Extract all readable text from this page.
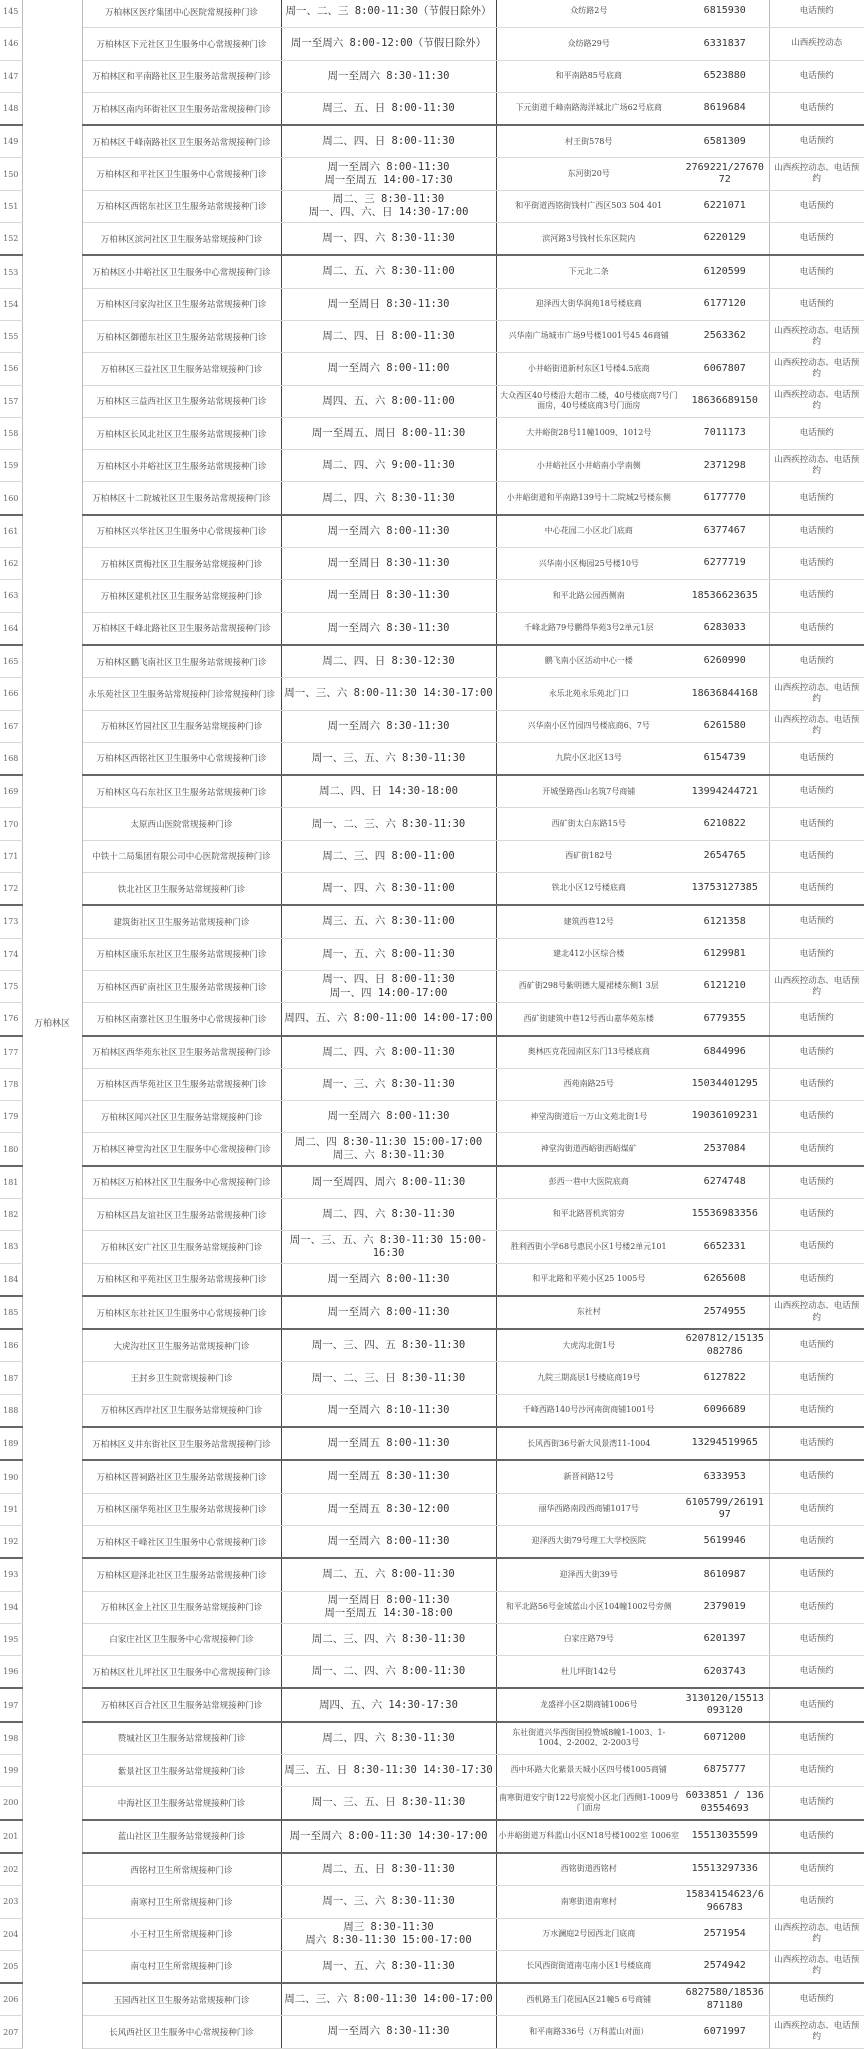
145	万柏林区	万柏林区医疗集团中心医院常规接种门诊	周一、二、三 8:00-11:30（节假日除外）	众纺路2号	6815930	电话预约
146		万柏林区下元社区卫生服务中心常规接种门诊	周一至周六 8:00-12:00（节假日除外）	众纺路29号	6331837	山西疾控动态
147		万柏林区和平南路社区卫生服务站常规接种门诊	周一至周六 8:30-11:30	和平南路85号底商	6523880	电话预约
148		万柏林区南内环街社区卫生服务站常规接种门诊	周三、五、日 8:00-11:30	下元街道千峰南路海洋城北广场62号底商	8619684	电话预约
149		万柏林区千峰南路社区卫生服务站常规接种门诊	周二、四、日 8:00-11:30	村王街578号	6581309	电话预约
150		万柏林区和平社区卫生服务中心常规接种门诊	周一至周六 8:00-11:30
周一至周五 14:00-17:30	东河街20号	2769221/2767072	山西疾控动态、电话预约
151		万柏林区西铭东社区卫生服务站常规接种门诊	周二、三 8:30-11:30
周一、四、六、日 14:30-17:00	和平街道西铭街钱村广西区503 504 401	6221071	电话预约
152		万柏林区滨河社区卫生服务站常规接种门诊	周一、四、六 8:30-11:30	滨河路3号钱村长东区院内	6220129	电话预约
153		万柏林区小井峪社区卫生服务中心常规接种门诊	周二、五、六 8:30-11:00	下元北二条	6120599	电话预约
154		万柏林区闫家沟社区卫生服务站常规接种门诊	周一至周日 8:30-11:30	迎泽西大街华润苑18号楼底商	6177120	电话预约
155		万柏林区御德东社区卫生服务站常规接种门诊	周二、四、日 8:00-11:30	兴华南广场城市广场9号楼1001号45 46商铺	2563362	山西疾控动态、电话预约
156		万柏林区三益社区卫生服务站常规接种门诊	周一至周六 8:00-11:00	小井峪街道新村东区1号楼4.5底商	6067807	山西疾控动态、电话预约
157		万柏林区三益西社区卫生服务站常规接种门诊	周四、五、六 8:00-11:00	大众西区40号楼沿大超市二楼，40号楼底商7号门面房，40号楼底商3号门面房	18636689150	山西疾控动态、电话预约
158		万柏林区长风北社区卫生服务站常规接种门诊	周一至周五、周日 8:00-11:30	大井峪街28号11幢1009、1012号	7011173	电话预约
159		万柏林区小井峪社区卫生服务站常规接种门诊	周二、四、六 9:00-11:30	小井峪社区小井峪南小学南侧	2371298	山西疾控动态、电话预约
160		万柏林区十二院城社区卫生服务站常规接种门诊	周二、四、六 8:30-11:30	小井峪街道和平南路139号十二院城2号楼东侧	6177770	电话预约
161		万柏林区兴华社区卫生服务中心常规接种门诊	周一至周六 8:00-11:30	中心花园二小区北门底商	6377467	电话预约
162		万柏林区贾梅社区卫生服务站常规接种门诊	周一至周日 8:30-11:30	兴华南小区梅园25号楼10号	6277719	电话预约
163		万柏林区建机社区卫生服务站常规接种门诊	周一至周日 8:30-11:30	和平北路公园西侧南	18536623635	电话预约
164		万柏林区千峰北路社区卫生服务站常规接种门诊	周一至周六 8:30-11:30	千峰北路79号鹏得华苑3号2单元1层	6283033	电话预约
165		万柏林区鹏飞南社区卫生服务站常规接种门诊	周二、四、日 8:30-12:30	鹏飞南小区活动中心一楼	6260990	电话预约
166		永乐苑社区卫生服务站常规接种门诊常规接种门诊	周一、三、六 8:00-11:30 14:30-17:00	永乐北苑永乐苑北门口	18636844168	山西疾控动态、电话预约
167		万柏林区竹园社区卫生服务站常规接种门诊	周一至周六 8:30-11:30	兴华南小区竹园四号楼底商6、7号	6261580	山西疾控动态、电话预约
168		万柏林区西铭社区卫生服务中心常规接种门诊	周一、三、五、六 8:30-11:30	九院小区北区13号	6154739	电话预约
169		万柏林区乌石东社区卫生服务站常规接种门诊	周二、四、日 14:30-18:00	开城堡路西山名筑7号商铺	13994244721	电话预约
170		太原西山医院常规接种门诊	周一、二、三、六 8:30-11:30	西矿街太白东路15号	6210822	电话预约
171		中铁十二局集团有限公司中心医院常规接种门诊	周二、三、四 8:00-11:00	西矿街182号	2654765	电话预约
172		铁北社区卫生服务站常规接种门诊	周一、四、六 8:30-11:00	铁北小区12号楼底商	13753127385	电话预约
173		建筑街社区卫生服务站常规接种门诊	周三、五、六 8:30-11:00	建筑西巷12号	6121358	电话预约
174		万柏林区康乐东社区卫生服务站常规接种门诊	周一、五、六 8:00-11:30	建北412小区综合楼	6129981	电话预约
175		万柏林区西矿南社区卫生服务站常规接种门诊	周一、四、日 8:00-11:30
周一、四 14:00-17:00	西矿街298号紫明德大厦裙楼东侧1 3层	6121210	山西疾控动态、电话预约
176		万柏林区南寨社区卫生服务中心常规接种门诊	周四、五、六 8:00-11:00 14:00-17:00	西矿街建筑中巷12号西山嘉华苑东楼	6779355	电话预约
177		万柏林区西华苑东社区卫生服务站常规接种门诊	周二、四、六 8:00-11:30	奥林匹克花园南区东门13号楼底商	6844996	电话预约
178		万柏林区西华苑社区卫生服务站常规接种门诊	周一、三、六 8:30-11:30	西苑南路25号	15034401295	电话预约
179		万柏林区闻兴社区卫生服务站常规接种门诊	周一至周六 8:00-11:30	神堂沟街道后一万山文苑北街1号	19036109231	电话预约
180		万柏林区神堂沟社区卫生服务中心常规接种门诊	周二、四 8:30-11:30 15:00-17:00
周三、六 8:30-11:30	神堂沟街道西峪街西峪煤矿	2537084	电话预约
181		万柏林区万柏林社区卫生服务中心常规接种门诊	周一至周四、周六 8:00-11:30	彭西一巷中大医院底商	6274748	电话预约
182		万柏林区昌友谊社区卫生服务站常规接种门诊	周二、四、六 8:30-11:30	和平北路晋机宾馆旁	15536983356	电话预约
183		万柏林区安广社区卫生服务站常规接种门诊	周一、三、五、六 8:30-11:30 15:00-16:30	胜利西街小学68号惠民小区1号楼2单元101	6652331	电话预约
184		万柏林区和平苑社区卫生服务站常规接种门诊	周一至周六 8:00-11:30	和平北路和平苑小区25 1005号	6265608	电话预约
185		万柏林区东社社区卫生服务中心常规接种门诊	周一至周六 8:00-11:30	东社村	2574955	山西疾控动态、电话预约
186		大虎沟社区卫生服务站常规接种门诊	周一、三、四、五 8:30-11:30	大虎沟北街1号	6207812/15135082786	电话预约
187		王封乡卫生院常规接种门诊	周一、二、三、日 8:30-11:30	九院三期高层1号楼底商19号	6127822	电话预约
188		万柏林区西岸社区卫生服务站常规接种门诊	周一至周六 8:10-11:30	千峰西路140号沙河南街商铺1001号	6096689	电话预约
189		万柏林区义井东街社区卫生服务站常规接种门诊	周一至周五 8:00-11:30	长风西街36号新大风景湾11-1004	13294519965	电话预约
190		万柏林区晋祠路社区卫生服务站常规接种门诊	周一至周五 8:30-11:30	新晋祠路12号	6333953	电话预约
191		万柏林区丽华苑社区卫生服务站常规接种门诊	周一至周五 8:30-12:00	丽华西路南段西商铺1017号	6105799/2619197	电话预约
192		万柏林区千峰社区卫生服务中心常规接种门诊	周一至周六 8:00-11:30	迎泽西大街79号理工大学校医院	5619946	电话预约
193		万柏林区迎泽北社区卫生服务站常规接种门诊	周二、五、六 8:00-11:30	迎泽西大街39号	8610987	电话预约
194		万柏林区金上社区卫生服务站常规接种门诊	周一至周日 8:00-11:30
周一至周五 14:30-18:00	和平北路56号金域蓝山小区104幢1002号旁侧	2379019	电话预约
195		白家庄社区卫生服务中心常规接种门诊	周二、三、四、六 8:30-11:30	白家庄路79号	6201397	电话预约
196		万柏林区杜儿坪社区卫生服务中心常规接种门诊	周一、二、四、六 8:00-11:30	杜儿坪街142号	6203743	电话预约
197		万柏林区百合社区卫生服务站常规接种门诊	周四、五、六 14:30-17:30	龙盛祥小区2期商铺1006号	3130120/15513093120	电话预约
198		赞城社区卫生服务站常规接种门诊	周二、四、六 8:30-11:30	东社街道兴华西街国投赞城8幢1-1003、1-1004、2-2002、2-2003号	6071200	电话预约
199		紫景社区卫生服务站常规接种门诊	周三、五、日 8:30-11:30 14:30-17:30	西中环路大化紫景天城小区四号楼1005商铺	6875777	电话预约
200		中海社区卫生服务站常规接种门诊	周一、三、五、日 8:30-11:30	南寒街道安宁街122号宸悦小区北门西侧1-1009号门面房	6033851 / 13603554693	电话预约
201		蓝山社区卫生服务站常规接种门诊	周一至周六 8:00-11:30 14:30-17:00	小井峪街道万科蓝山小区N18号楼1002室 1006室	15513035599	电话预约
202		西铭村卫生所常规接种门诊	周二、五、日 8:30-11:30	西铭街道西铭村	15513297336	电话预约
203		南寒村卫生所常规接种门诊	周一、三、六 8:30-11:30	南寒街道南寒村	15834154623/6966783	电话预约
204		小王村卫生所常规接种门诊	周三 8:30-11:30
周六 8:30-11:30 15:00-17:00	万水澜庭2号园西北门底商	2571954	山西疾控动态、电话预约
205		南屯村卫生所常规接种门诊	周一、五、六 8:30-11:30	长风西街街道南屯南小区1号楼底商	2574942	山西疾控动态、电话预约
206		玉园西社区卫生服务站常规接种门诊	周二、三、六 8:00-11:30 14:00-17:00	西机路玉门花园A区21幢5 6号商铺	6827580/18536871180	电话预约
207		长风西社区卫生服务中心常规接种门诊	周一至周六 8:30-11:30	和平南路336号（万科蓝山对面）	6071997	山西疾控动态、电话预约
